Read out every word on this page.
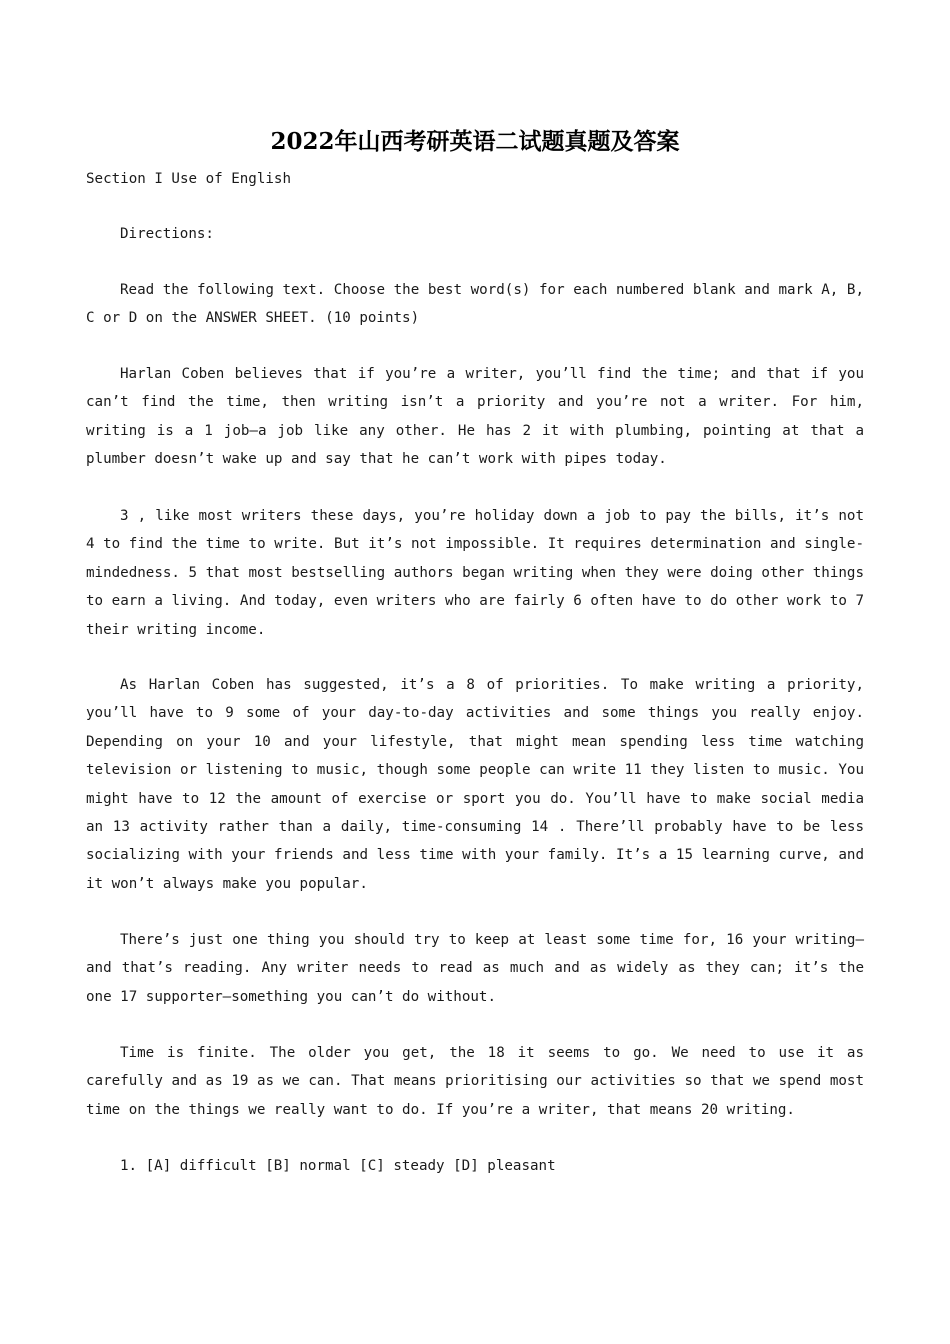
2022年山西考研英语二试题真题及答案
Section I Use of English
Directions:

Read the following text. Choose the best word(s) for each numbered blank and mark A, B, C or D on the ANSWER SHEET. (10 points)

Harlan Coben believes that if you’re a writer, you’ll find the time; and that if you can’t find the time, then writing isn’t a priority and you’re not a writer. For him, writing is a 1 job–a job like any other. He has 2 it with plumbing, pointing at that a plumber doesn’t wake up and say that he can’t work with pipes today.

3 , like most writers these days, you’re holiday down a job to pay the bills, it’s not 4 to find the time to write. But it’s not impossible. It requires determination and single-mindedness. 5 that most bestselling authors began writing when they were doing other things to earn a living. And today, even writers who are fairly 6 often have to do other work to 7 their writing income.

As Harlan Coben has suggested, it’s a 8 of priorities. To make writing a priority, you’ll have to 9 some of your day-to-day activities and some things you really enjoy. Depending on your 10 and your lifestyle, that might mean spending less time watching television or listening to music, though some people can write 11 they listen to music. You might have to 12 the amount of exercise or sport you do. You’ll have to make social media an 13 activity rather than a daily, time-consuming 14 . There’ll probably have to be less socializing with your friends and less time with your family. It’s a 15 learning curve, and it won’t always make you popular.

There’s just one thing you should try to keep at least some time for, 16 your writing–and that’s reading. Any writer needs to read as much and as widely as they can; it’s the one 17 supporter–something you can’t do without.

Time is finite. The older you get, the 18 it seems to go. We need to use it as carefully and as 19 as we can. That means prioritising our activities so that we spend most time on the things we really want to do. If you’re a writer, that means 20 writing.

1. [A] difficult [B] normal [C] steady [D] pleasant
